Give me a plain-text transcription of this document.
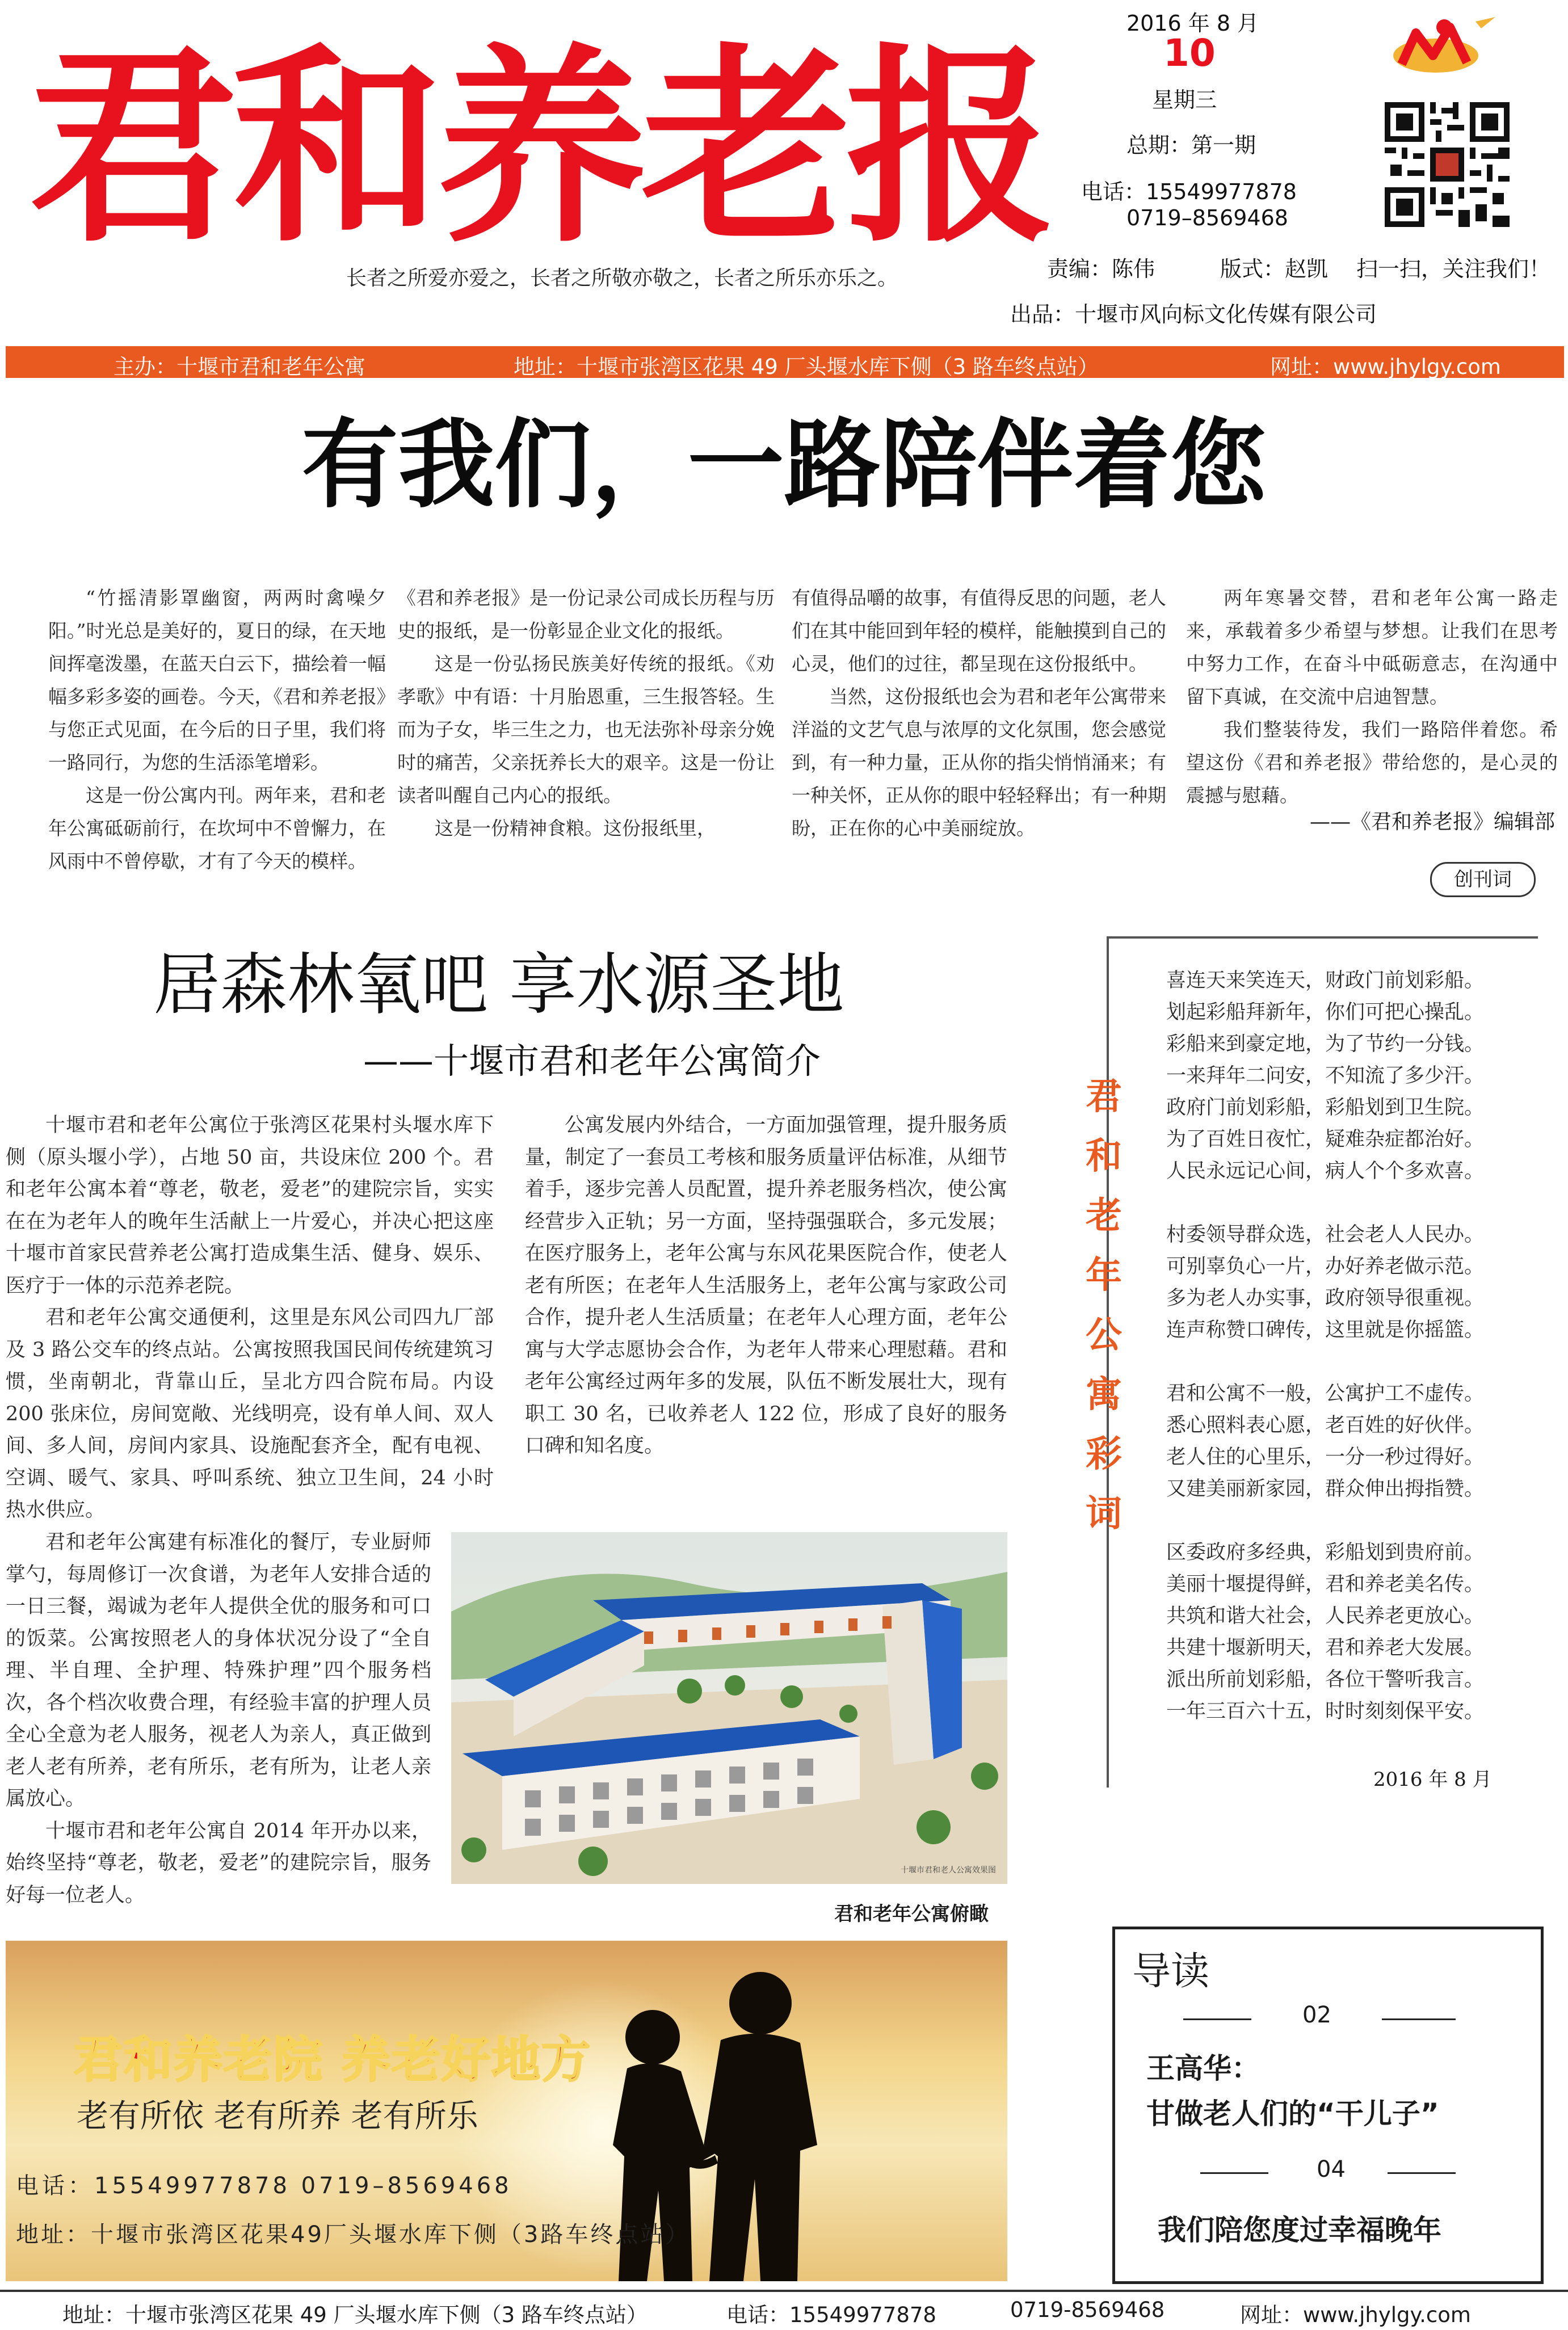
君和养老报
长者之所爱亦爱之，长者之所敬亦敬之，长者之所乐亦乐之。
2016 年 8 月
10
星期三
总期：第一期
电话：15549977878
0719–8569468
责编：陈伟	版式：赵凯 扫一扫，关注我们！
出品：十堰市风向标文化传媒有限公司
主办：十堰市君和老年公寓	地址：十堰市张湾区花果 49 厂头堰水库下侧（3 路车终点站）	网址：www.jhylgy.com
有我们，一路陪伴着您

“竹摇清影罩幽窗，两两时禽噪夕阳。”时光总是美好的，夏日的绿，在天地间挥毫泼墨，在蓝天白云下，描绘着一幅幅多彩多姿的画卷。今天，《君和养老报》与您正式见面，在今后的日子里，我们将一路同行，为您的生活添笔增彩。

这是一份公寓内刊。两年来，君和老年公寓砥砺前行，在坎坷中不曾懈力，在风雨中不曾停歇，才有了今天的模样。

《君和养老报》是一份记录公司成长历程与历史的报纸，是一份彰显企业文化的报纸。

这是一份弘扬民族美好传统的报纸。《劝孝歌》中有语：十月胎恩重，三生报答轻。生而为子女，毕三生之力，也无法弥补母亲分娩时的痛苦，父亲抚养长大的艰辛。这是一份让读者叫醒自己内心的报纸。

这是一份精神食粮。这份报纸里，

有值得品嚼的故事，有值得反思的问题，老人们在其中能回到年轻的模样，能触摸到自己的心灵，他们的过往，都呈现在这份报纸中。

当然，这份报纸也会为君和老年公寓带来洋溢的文艺气息与浓厚的文化氛围，您会感觉到，有一种力量，正从你的指尖悄悄涌来；有一种关怀，正从你的眼中轻轻释出；有一种期盼，正在你的心中美丽绽放。

两年寒暑交替，君和老年公寓一路走来，承载着多少希望与梦想。让我们在思考中努力工作，在奋斗中砥砺意志，在沟通中留下真诚，在交流中启迪智慧。

我们整装待发，我们一路陪伴着您。希望这份《君和养老报》带给您的，是心灵的震撼与慰藉。

——《君和养老报》编辑部
创刊词
居森林氧吧 享水源圣地
——十堰市君和老年公寓简介

十堰市君和老年公寓位于张湾区花果村头堰水库下侧（原头堰小学），占地 50 亩，共设床位 200 个。君和老年公寓本着“尊老，敬老，爱老”的建院宗旨，实实在在为老年人的晚年生活献上一片爱心，并决心把这座十堰市首家民营养老公寓打造成集生活、健身、娱乐、医疗于一体的示范养老院。

君和老年公寓交通便利，这里是东风公司四九厂部及 3 路公交车的终点站。公寓按照我国民间传统建筑习惯，坐南朝北，背靠山丘，呈北方四合院布局。内设 200 张床位，房间宽敞、光线明亮，设有单人间、双人间、多人间，房间内家具、设施配套齐全，配有电视、空调、暖气、家具、呼叫系统、独立卫生间，24 小时热水供应。

君和老年公寓建有标准化的餐厅，专业厨师掌勺，每周修订一次食谱，为老年人安排合适的一日三餐，竭诚为老年人提供全优的服务和可口的饭菜。公寓按照老人的身体状况分设了“全自理、半自理、全护理、特殊护理”四个服务档次，各个档次收费合理，有经验丰富的护理人员全心全意为老人服务，视老人为亲人，真正做到老人老有所养，老有所乐，老有所为，让老人亲属放心。

十堰市君和老年公寓自 2014 年开办以来，始终坚持“尊老，敬老，爱老”的建院宗旨，服务好每一位老人。

公寓发展内外结合，一方面加强管理，提升服务质量，制定了一套员工考核和服务质量评估标准，从细节着手，逐步完善人员配置，提升养老服务档次，使公寓经营步入正轨；另一方面，坚持强强联合，多元发展；在医疗服务上，老年公寓与东风花果医院合作，使老人老有所医；在老年人生活服务上，老年公寓与家政公司合作，提升老人生活质量；在老年人心理方面，老年公寓与大学志愿协会合作，为老年人带来心理慰藉。君和老年公寓经过两年多的发展，队伍不断发展壮大，现有职工 30 名，已收养老人 122 位，形成了良好的服务口碑和知名度。

十堰市君和老人公寓效果图
君和老年公寓俯瞰
君
和
老
年
公
寓
彩
词
喜连天来笑连天，财政门前划彩船。
划起彩船拜新年，你们可把心操乱。
彩船来到豪定地，为了节约一分钱。
一来拜年二问安，不知流了多少汗。
政府门前划彩船，彩船划到卫生院。
为了百姓日夜忙，疑难杂症都治好。
人民永远记心间，病人个个多欢喜。
村委领导群众选，社会老人人民办。
可别辜负心一片，办好养老做示范。
多为老人办实事，政府领导很重视。
连声称赞口碑传，这里就是你摇篮。
君和公寓不一般，公寓护工不虚传。
悉心照料表心愿，老百姓的好伙伴。
老人住的心里乐，一分一秒过得好。
又建美丽新家园，群众伸出拇指赞。
区委政府多经典，彩船划到贵府前。
美丽十堰提得鲜，君和养老美名传。
共筑和谐大社会，人民养老更放心。
共建十堰新明天，君和养老大发展。
派出所前划彩船，各位干警听我言。
一年三百六十五，时时刻刻保平安。
2016 年 8 月
君和养老院 养老好地方
老有所依 老有所养 老有所乐
电话：15549977878 0719–8569468
地址：十堰市张湾区花果49厂头堰水库下侧（3路车终点站）
导读
02
王高华：
甘做老人们的“干儿子”
04
我们陪您度过幸福晚年
地址：十堰市张湾区花果 49 厂头堰水库下侧（3 路车终点站）	电话：15549977878	0719-8569468	网址：www.jhylgy.com
